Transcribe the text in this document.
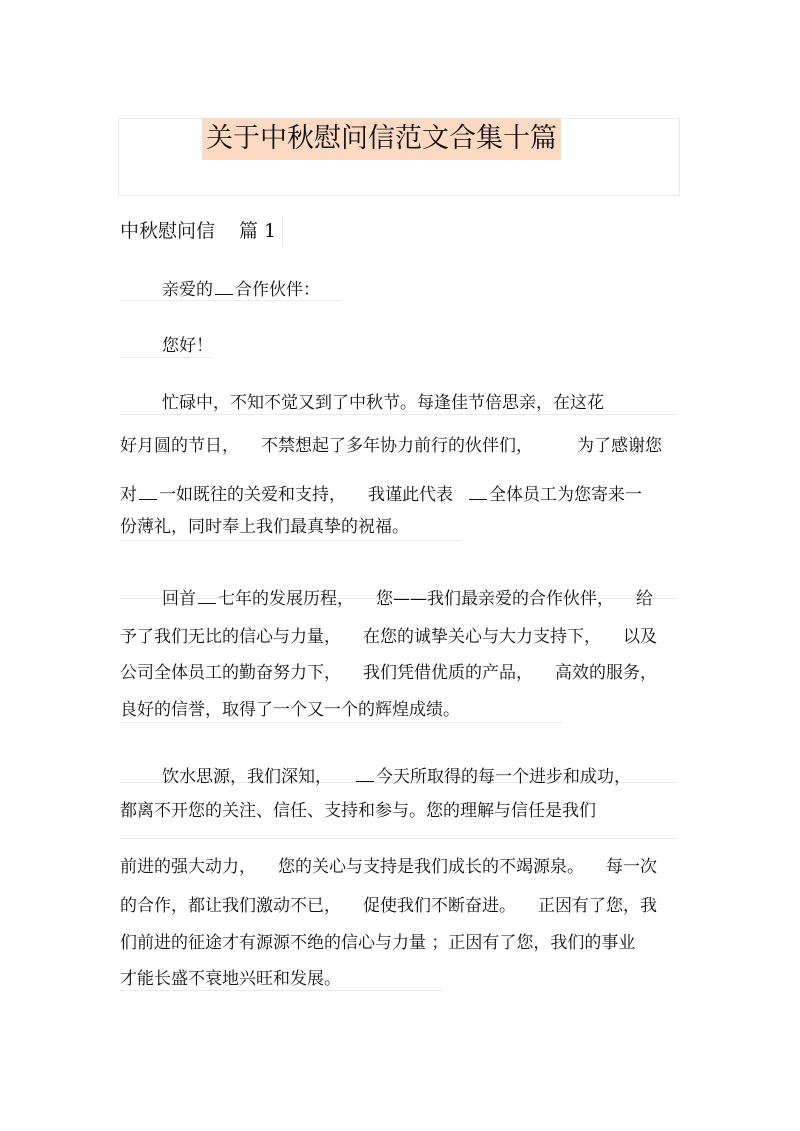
关于中秋慰问信范文合集十篇
中秋慰问信 篇 1
亲爱的 合作伙伴：
您好！
忙碌中，不知不觉又到了中秋节。每逢佳节倍思亲，在这花
好月圆的节日， 不禁想起了多年协力前行的伙伴们，	为了感谢您
对 一如既往的关爱和支持， 我谨此代表 全体员工为您寄来一
份薄礼，同时奉上我们最真挚的祝福。
回首 七年的发展历程， 您——我们最亲爱的合作伙伴， 给
予了我们无比的信心与力量， 在您的诚挚关心与大力支持下， 以及
公司全体员工的勤奋努力下， 我们凭借优质的产品， 高效的服务，
良好的信誉，取得了一个又一个的辉煌成绩。
饮水思源，我们深知，	今天所取得的每一个进步和成功，
都离不开您的关注、信任、支持和参与。您的理解与信任是我们
前进的强大动力， 您的关心与支持是我们成长的不竭源泉。 每一次
的合作，都让我们激动不已， 促使我们不断奋进。 正因有了您，我
们前进的征途才有源源不绝的信心与力量 ；正因有了您，我们的事业
才能长盛不衰地兴旺和发展。
